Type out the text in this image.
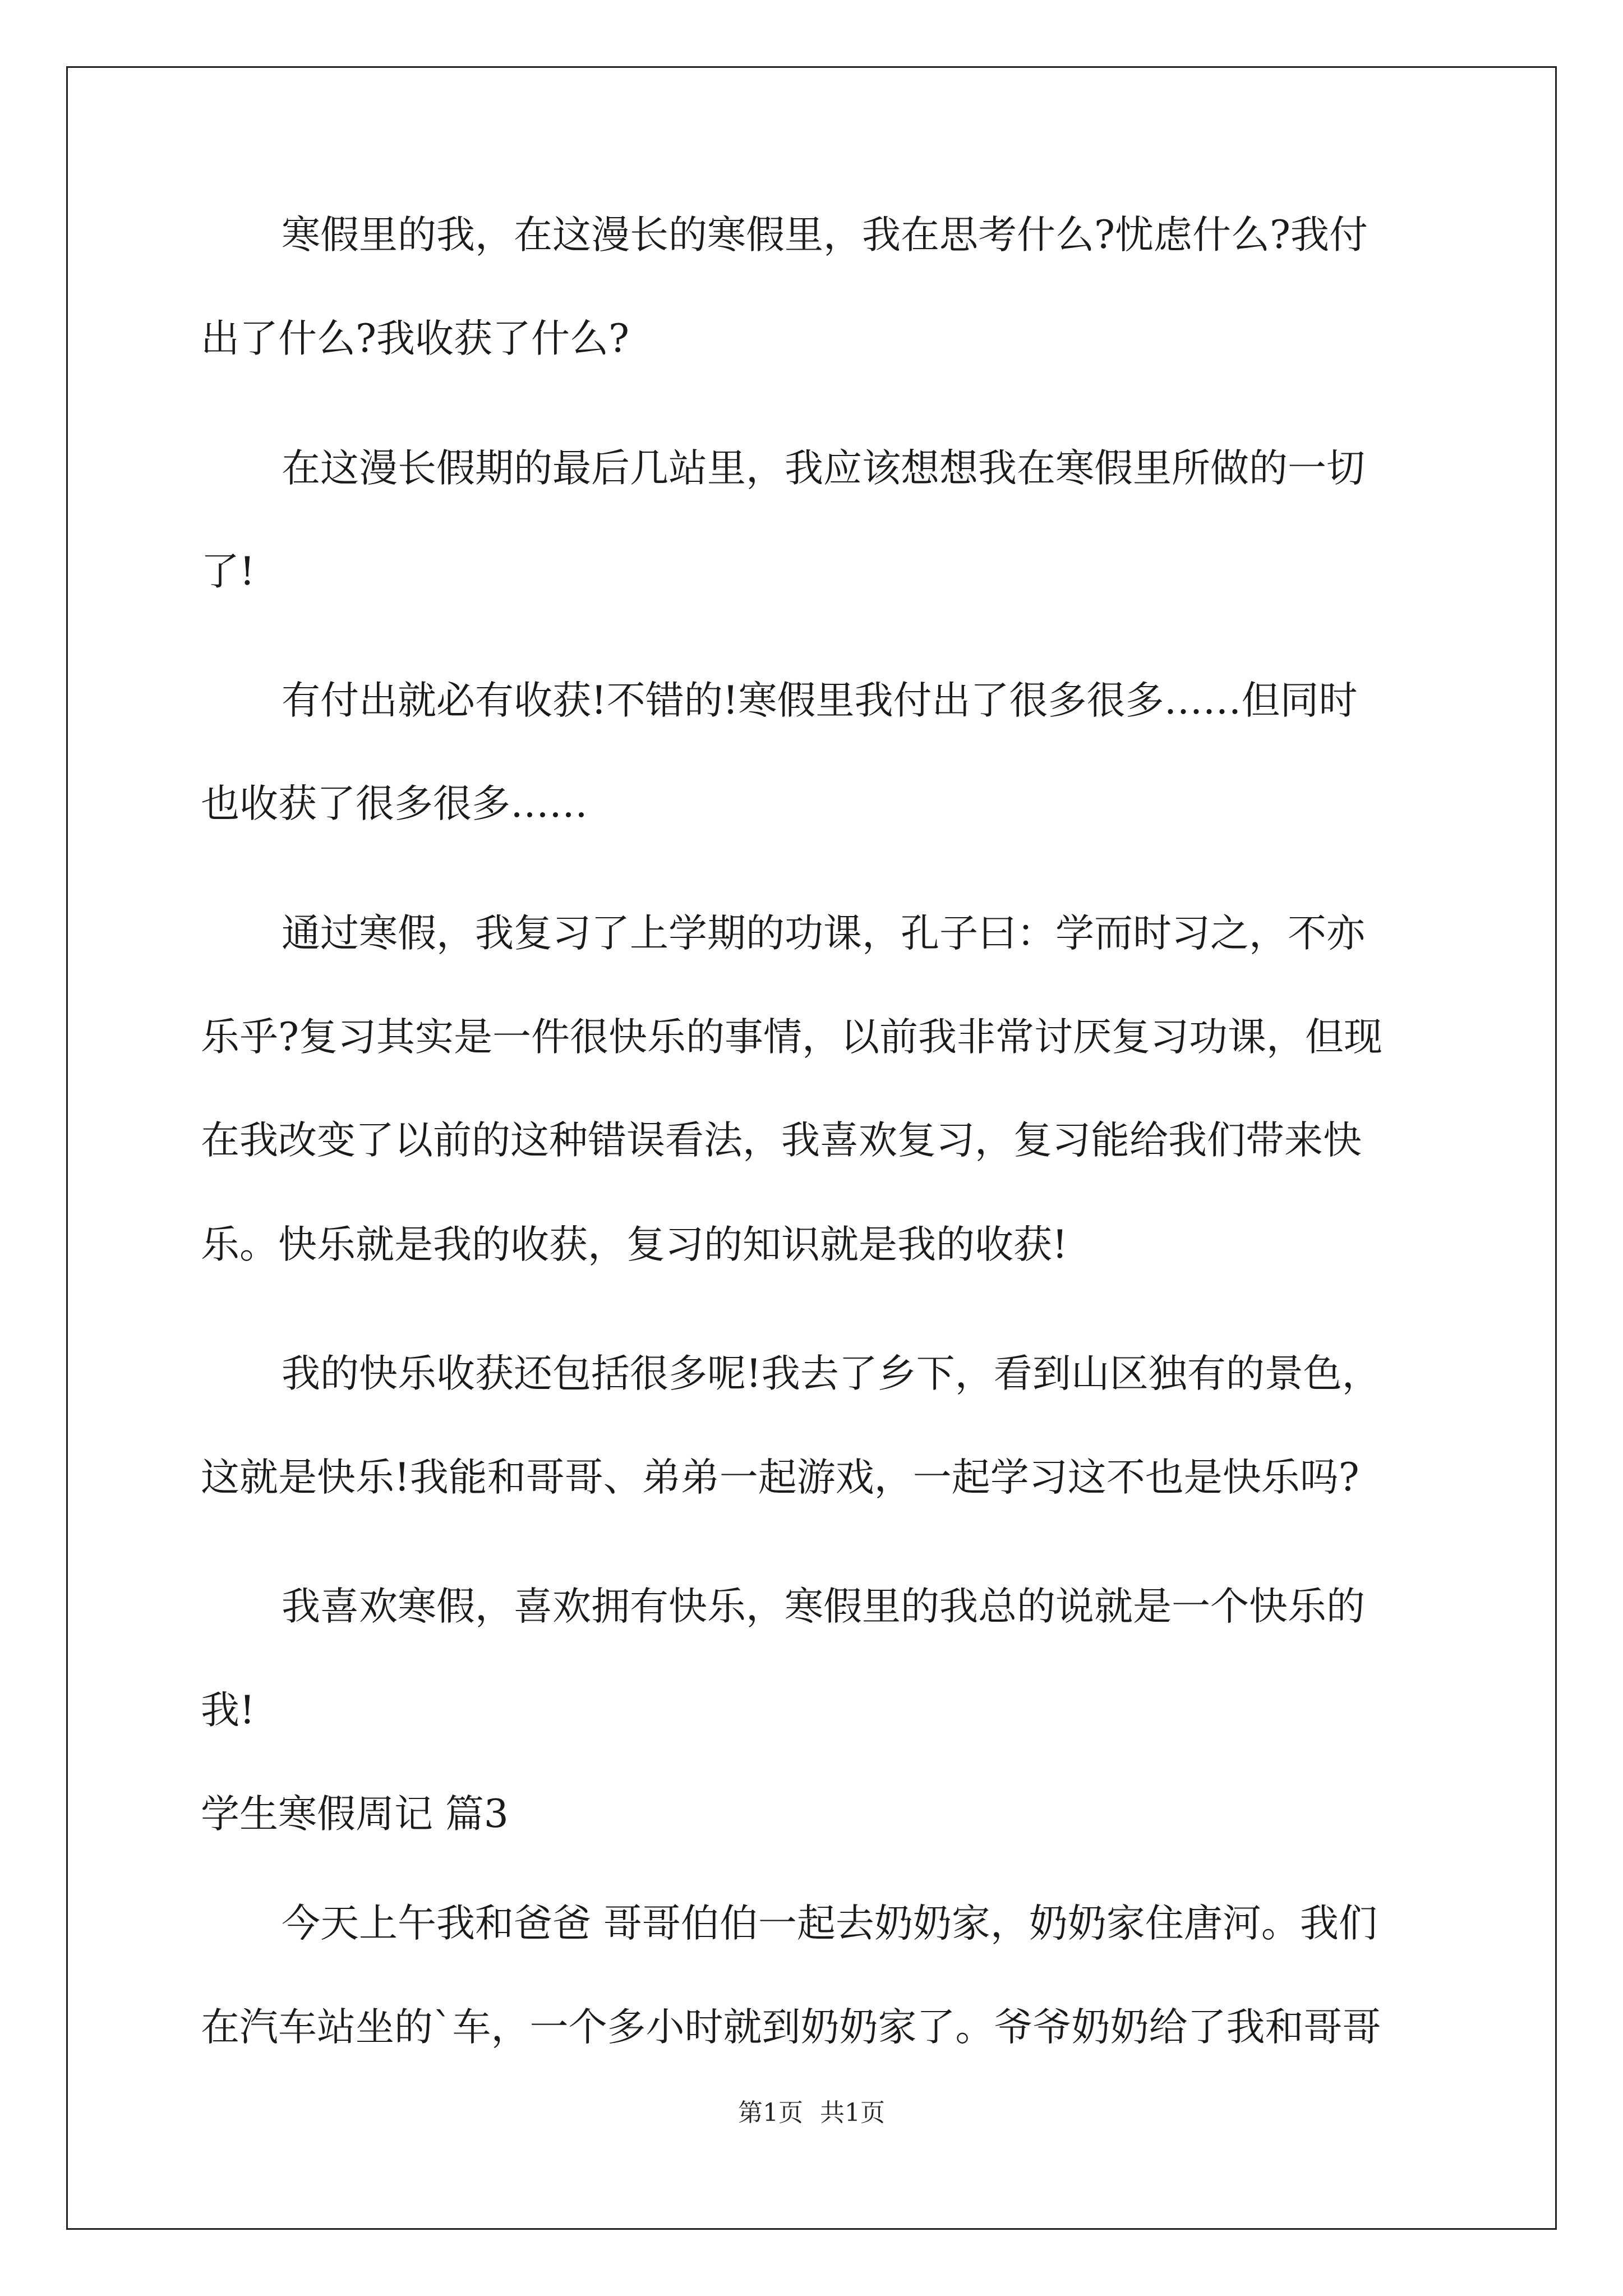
寒假里的我，在这漫长的寒假里，我在思考什么?忧虑什么?我付
出了什么?我收获了什么?
在这漫长假期的最后几站里，我应该想想我在寒假里所做的一切
了!
有付出就必有收获!不错的!寒假里我付出了很多很多……但同时
也收获了很多很多……
通过寒假，我复习了上学期的功课，孔子曰：学而时习之，不亦
乐乎?复习其实是一件很快乐的事情，以前我非常讨厌复习功课，但现
在我改变了以前的这种错误看法，我喜欢复习，复习能给我们带来快
乐。快乐就是我的收获，复习的知识就是我的收获!
我的快乐收获还包括很多呢!我去了乡下，看到山区独有的景色，
这就是快乐!我能和哥哥、弟弟一起游戏，一起学习这不也是快乐吗?
我喜欢寒假，喜欢拥有快乐，寒假里的我总的说就是一个快乐的
我!
学生寒假周记 篇3
今天上午我和爸爸 哥哥伯伯一起去奶奶家，奶奶家住唐河。我们
在汽车站坐的`车，一个多小时就到奶奶家了。爷爷奶奶给了我和哥哥
第1页 共1页
